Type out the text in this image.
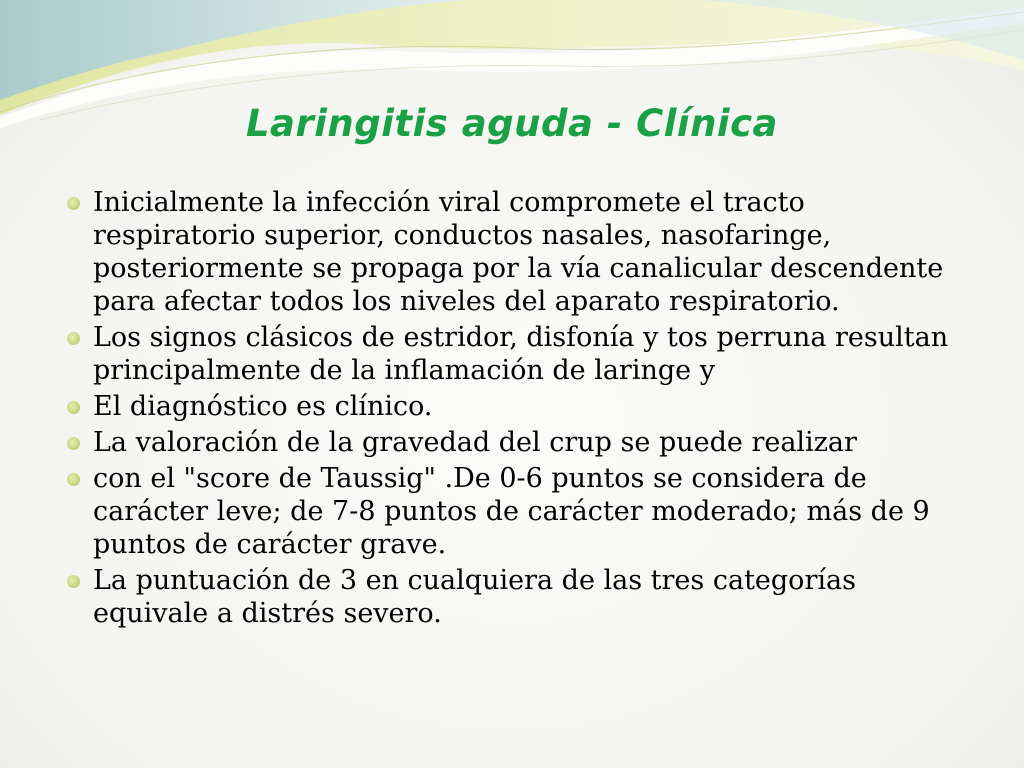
Laringitis aguda - Clínica
Inicialmente la infección viral compromete el tracto respiratorio superior, conductos nasales, nasofaringe, posteriormente se propaga por la vía canalicular descendente para afectar todos los niveles del aparato respiratorio.
Los signos clásicos de estridor, disfonía y tos perruna resultan principalmente de la inflamación de laringe y
El diagnóstico es clínico.
La valoración de la gravedad del crup se puede realizar
con el "score de Taussig" .De 0-6 puntos se considera de carácter leve; de 7-8 puntos de carácter moderado; más de 9 puntos de carácter grave.
La puntuación de 3 en cualquiera de las tres categorías equivale a distrés severo.
